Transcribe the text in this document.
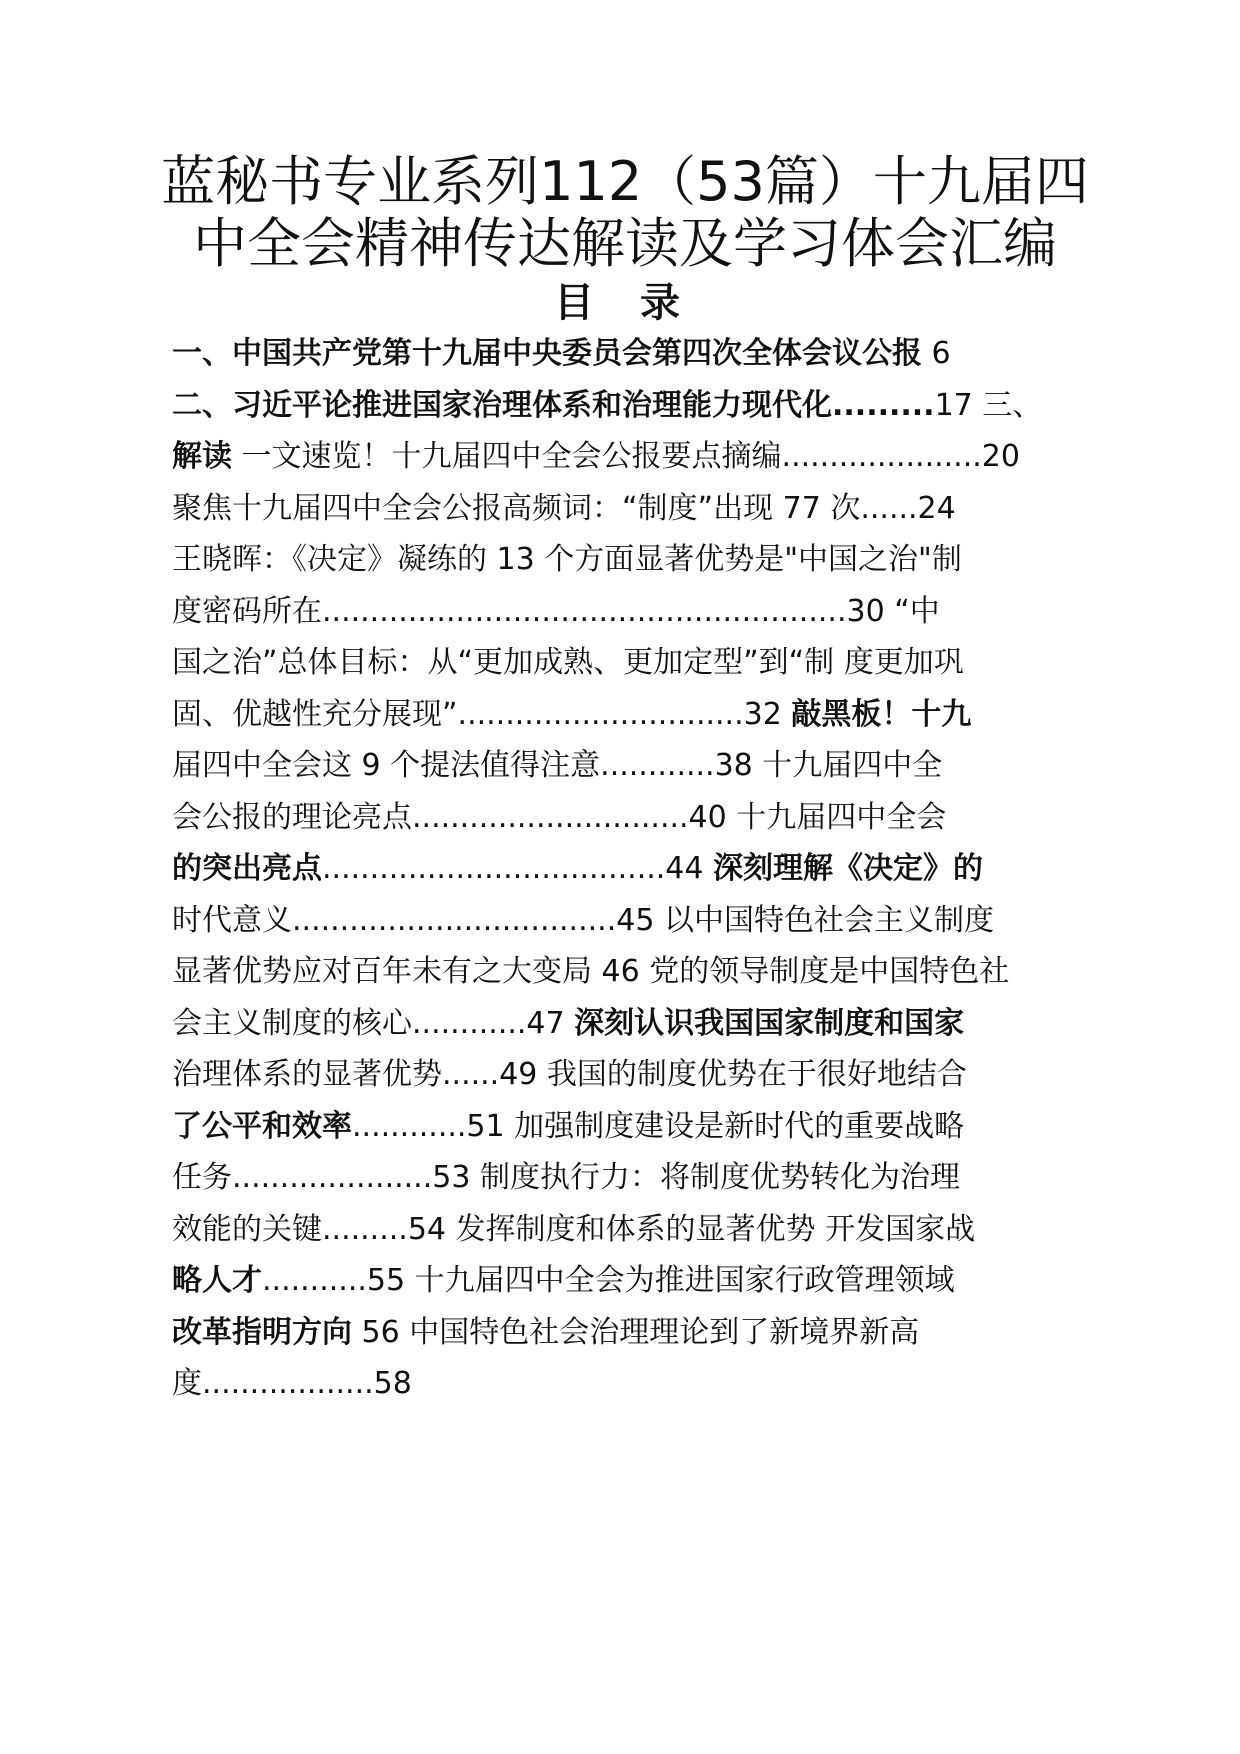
蓝秘书专业系列112（53篇）十九届四
中全会精神传达解读及学习体会汇编
目 录
一、中国共产党第十九届中央委员会第四次全体会议公报 6
二、习近平论推进国家治理体系和治理能力现代化.........17 三、
解读 一文速览！十九届四中全会公报要点摘编.....................20
聚焦十九届四中全会公报高频词：“制度”出现 77 次......24
王晓晖：《决定》凝练的 13 个方面显著优势是"中国之治"制
度密码所在.......................................................30 “中
国之治”总体目标：从“更加成熟、更加定型”到“制 度更加巩
固、优越性充分展现”..............................32 敲黑板！十九
届四中全会这 9 个提法值得注意............38 十九届四中全
会公报的理论亮点.............................40 十九届四中全会
的突出亮点....................................44 深刻理解《决定》的
时代意义..................................45 以中国特色社会主义制度
显著优势应对百年未有之大变局 46 党的领导制度是中国特色社
会主义制度的核心............47 深刻认识我国国家制度和国家
治理体系的显著优势......49 我国的制度优势在于很好地结合
了公平和效率............51 加强制度建设是新时代的重要战略
任务.....................53 制度执行力：将制度优势转化为治理
效能的关键.........54 发挥制度和体系的显著优势 开发国家战
略人才...........55 十九届四中全会为推进国家行政管理领域
改革指明方向 56 中国特色社会治理理论到了新境界新高
度..................58
